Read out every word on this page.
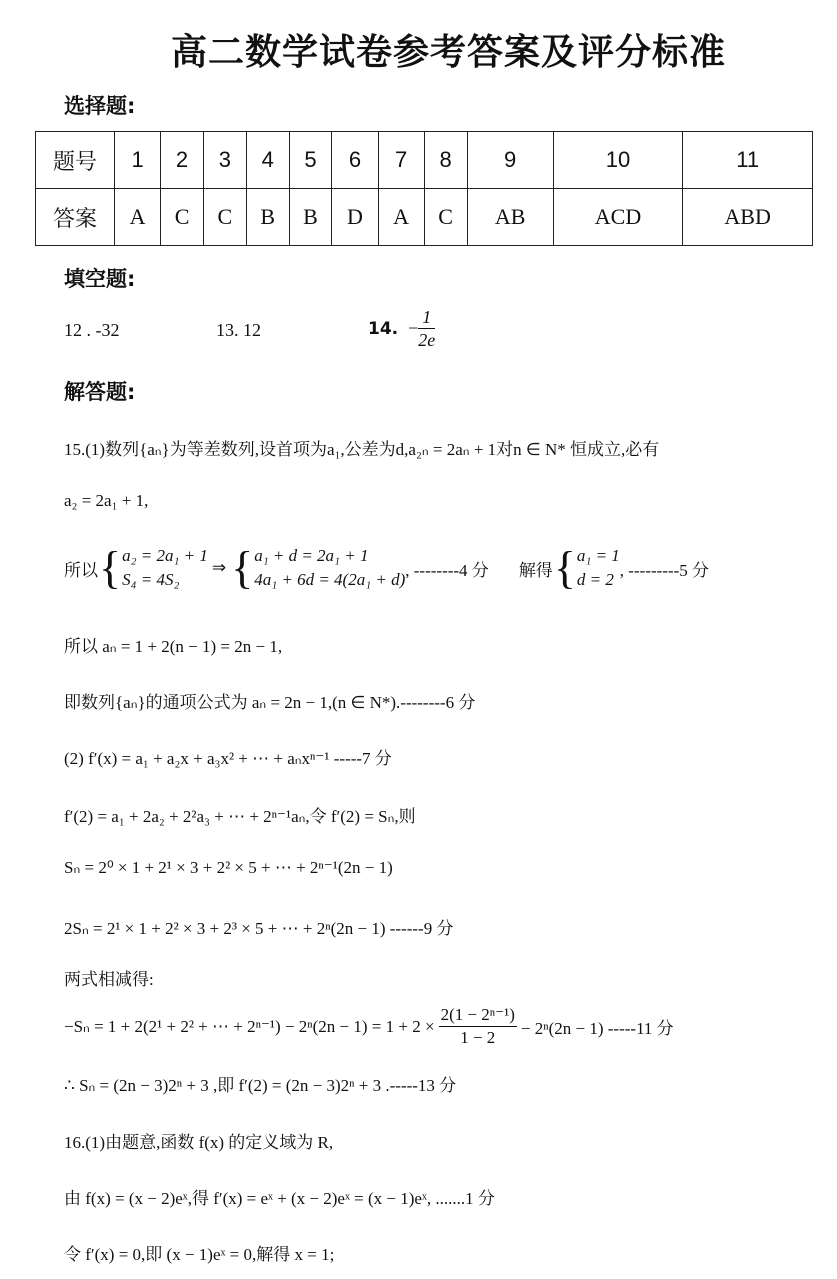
高二数学试卷参考答案及评分标准
选择题:
题号	1	2	3	4	5	6	7	8	9	10	11
答案	A	C	C	B	B	D	A	C	AB	ACD	ABD
填空题:
12 . -32	13. 12	14. − $\frac{1}{2e}$
解答题:
15.(1)数列{aₙ}为等差数列,设首项为a₁,公差为d,a₂ₙ = 2aₙ + 1对n ∈ N* 恒成立,必有
a₂ = 2a₁ + 1,
所以 { a₂ = 2a₁ + 1
S₄ = 4S₂
⇒ { a₁ + d = 2a₁ + 1
4a₁ + 6d = 4(2a₁ + d) , --------4 分 解得 { a₁ = 1
d = 2 , ---------5 分
所以 aₙ = 1 + 2(n − 1) = 2n − 1,
即数列{aₙ}的通项公式为 aₙ = 2n − 1,(n ∈ N*).--------6 分
(2) f′(x) = a₁ + a₂x + a₃x² + ⋯ + aₙxⁿ⁻¹ -----7 分
f′(2) = a₁ + 2a₂ + 2²a₃ + ⋯ + 2ⁿ⁻¹aₙ,令 f′(2) = Sₙ,则
Sₙ = 2⁰ × 1 + 2¹ × 3 + 2² × 5 + ⋯ + 2ⁿ⁻¹(2n − 1)
2Sₙ = 2¹ × 1 + 2² × 3 + 2³ × 5 + ⋯ + 2ⁿ(2n − 1) ------9 分
两式相减得:
−Sₙ = 1 + 2(2¹ + 2² + ⋯ + $2^{n-1}) - 2^n(2n - 1) = 1 + 2 \times \frac{\text{2(1 − 2ⁿ⁻¹)}}{1 - 2} - 2^n(2n - 1)$ -----11 分
∴ Sₙ = (2n − 3)2ⁿ + 3 ,即 f′(2) = (2n − 3)2ⁿ + 3 .-----13 分
16.(1)由题意,函数 f(x) 的定义域为 R,
由 f(x) = (x − 2)eˣ,得 f′(x) = eˣ + (x − 2)eˣ = (x − 1)eˣ, .......1 分
令 f′(x) = 0,即 (x − 1)eˣ = 0,解得 x = 1;
